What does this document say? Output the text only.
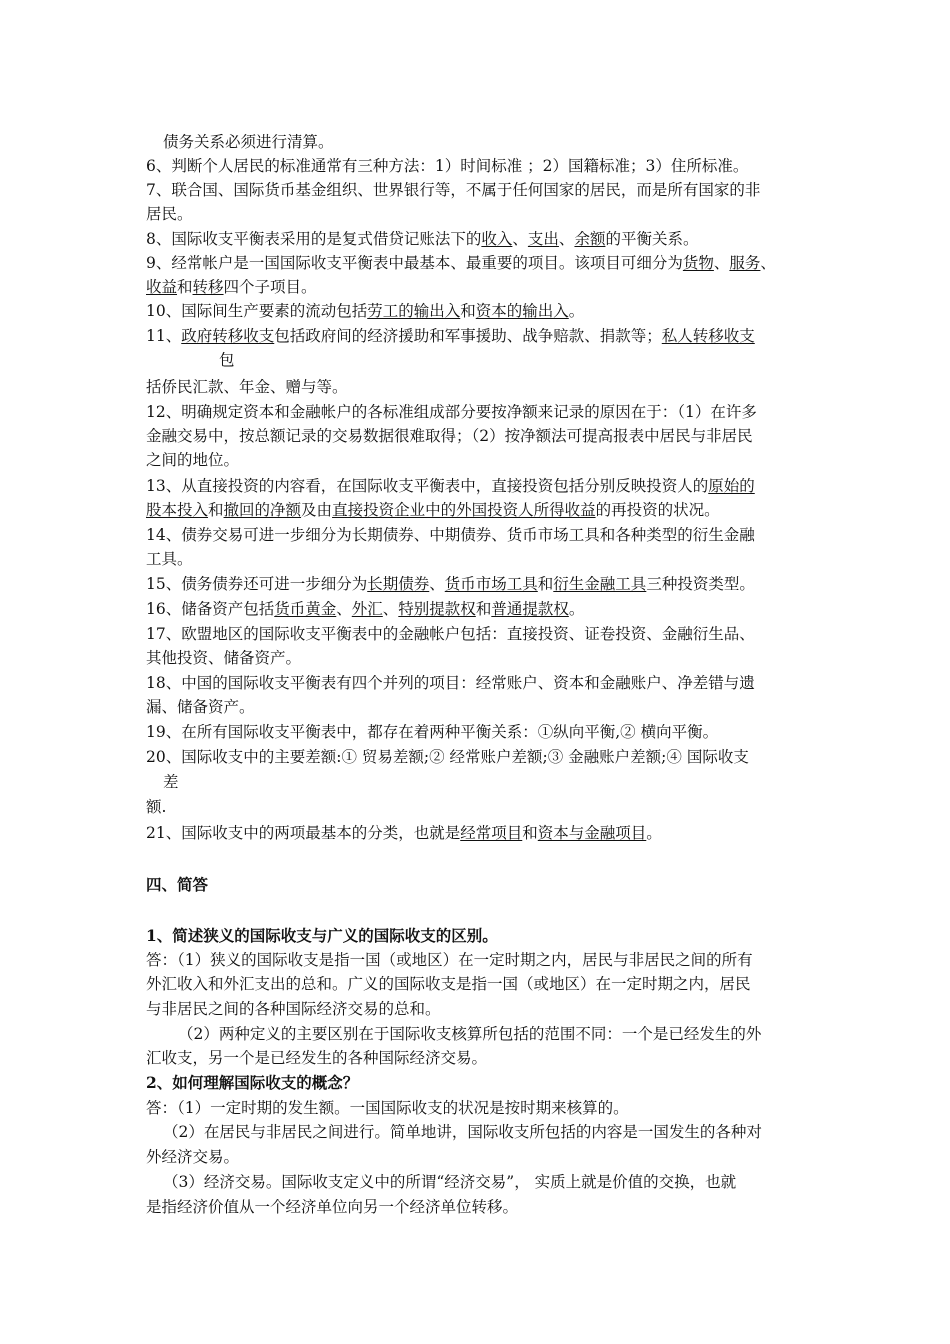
债务关系必须进行清算。
6、判断个人居民的标准通常有三种方法：1）时间标准 ；2）国籍标准；3）住所标准。
7、联合国、国际货币基金组织、世界银行等，不属于任何国家的居民，而是所有国家的非
居民。
8、国际收支平衡表采用的是复式借贷记账法下的收入、支出、余额的平衡关系。
9、经常帐户是一国国际收支平衡表中最基本、最重要的项目。该项目可细分为货物、服务、
收益和转移四个子项目。
10、国际间生产要素的流动包括劳工的输出入和资本的输出入。
11、政府转移收支包括政府间的经济援助和军事援助、战争赔款、捐款等；私人转移收支
包
括侨民汇款、年金、赠与等。
12、明确规定资本和金融帐户的各标准组成部分要按净额来记录的原因在于：（1）在许多
金融交易中，按总额记录的交易数据很难取得；（2）按净额法可提高报表中居民与非居民
之间的地位。
13、从直接投资的内容看，在国际收支平衡表中，直接投资包括分别反映投资人的原始的
股本投入和撤回的净额及由直接投资企业中的外国投资人所得收益的再投资的状况。
14、债券交易可进一步细分为长期债券、中期债券、货币市场工具和各种类型的衍生金融
工具。
15、债务债券还可进一步细分为长期债券、货币市场工具和衍生金融工具三种投资类型。
16、储备资产包括货币黄金、外汇、特别提款权和普通提款权。
17、欧盟地区的国际收支平衡表中的金融帐户包括：直接投资、证卷投资、金融衍生品、
其他投资、储备资产。
18、中国的国际收支平衡表有四个并列的项目：经常账户、资本和金融账户、净差错与遗
漏、储备资产。
19、在所有国际收支平衡表中，都存在着两种平衡关系：①纵向平衡,② 横向平衡。
20、国际收支中的主要差额:① 贸易差额;② 经常账户差额;③ 金融账户差额;④ 国际收支
差
额.
21、国际收支中的两项最基本的分类，也就是经常项目和资本与金融项目。
四、简答
1、简述狭义的国际收支与广义的国际收支的区别。
答：（1）狭义的国际收支是指一国（或地区）在一定时期之内，居民与非居民之间的所有
外汇收入和外汇支出的总和。广义的国际收支是指一国（或地区）在一定时期之内，居民
与非居民之间的各种国际经济交易的总和。
（2）两种定义的主要区别在于国际收支核算所包括的范围不同：一个是已经发生的外
汇收支，另一个是已经发生的各种国际经济交易。
2、如何理解国际收支的概念？
答：（1）一定时期的发生额。一国国际收支的状况是按时期来核算的。
（2）在居民与非居民之间进行。简单地讲，国际收支所包括的内容是一国发生的各种对
外经济交易。
（3）经济交易。国际收支定义中的所谓“经济交易”， 实质上就是价值的交换，也就
是指经济价值从一个经济单位向另一个经济单位转移。
